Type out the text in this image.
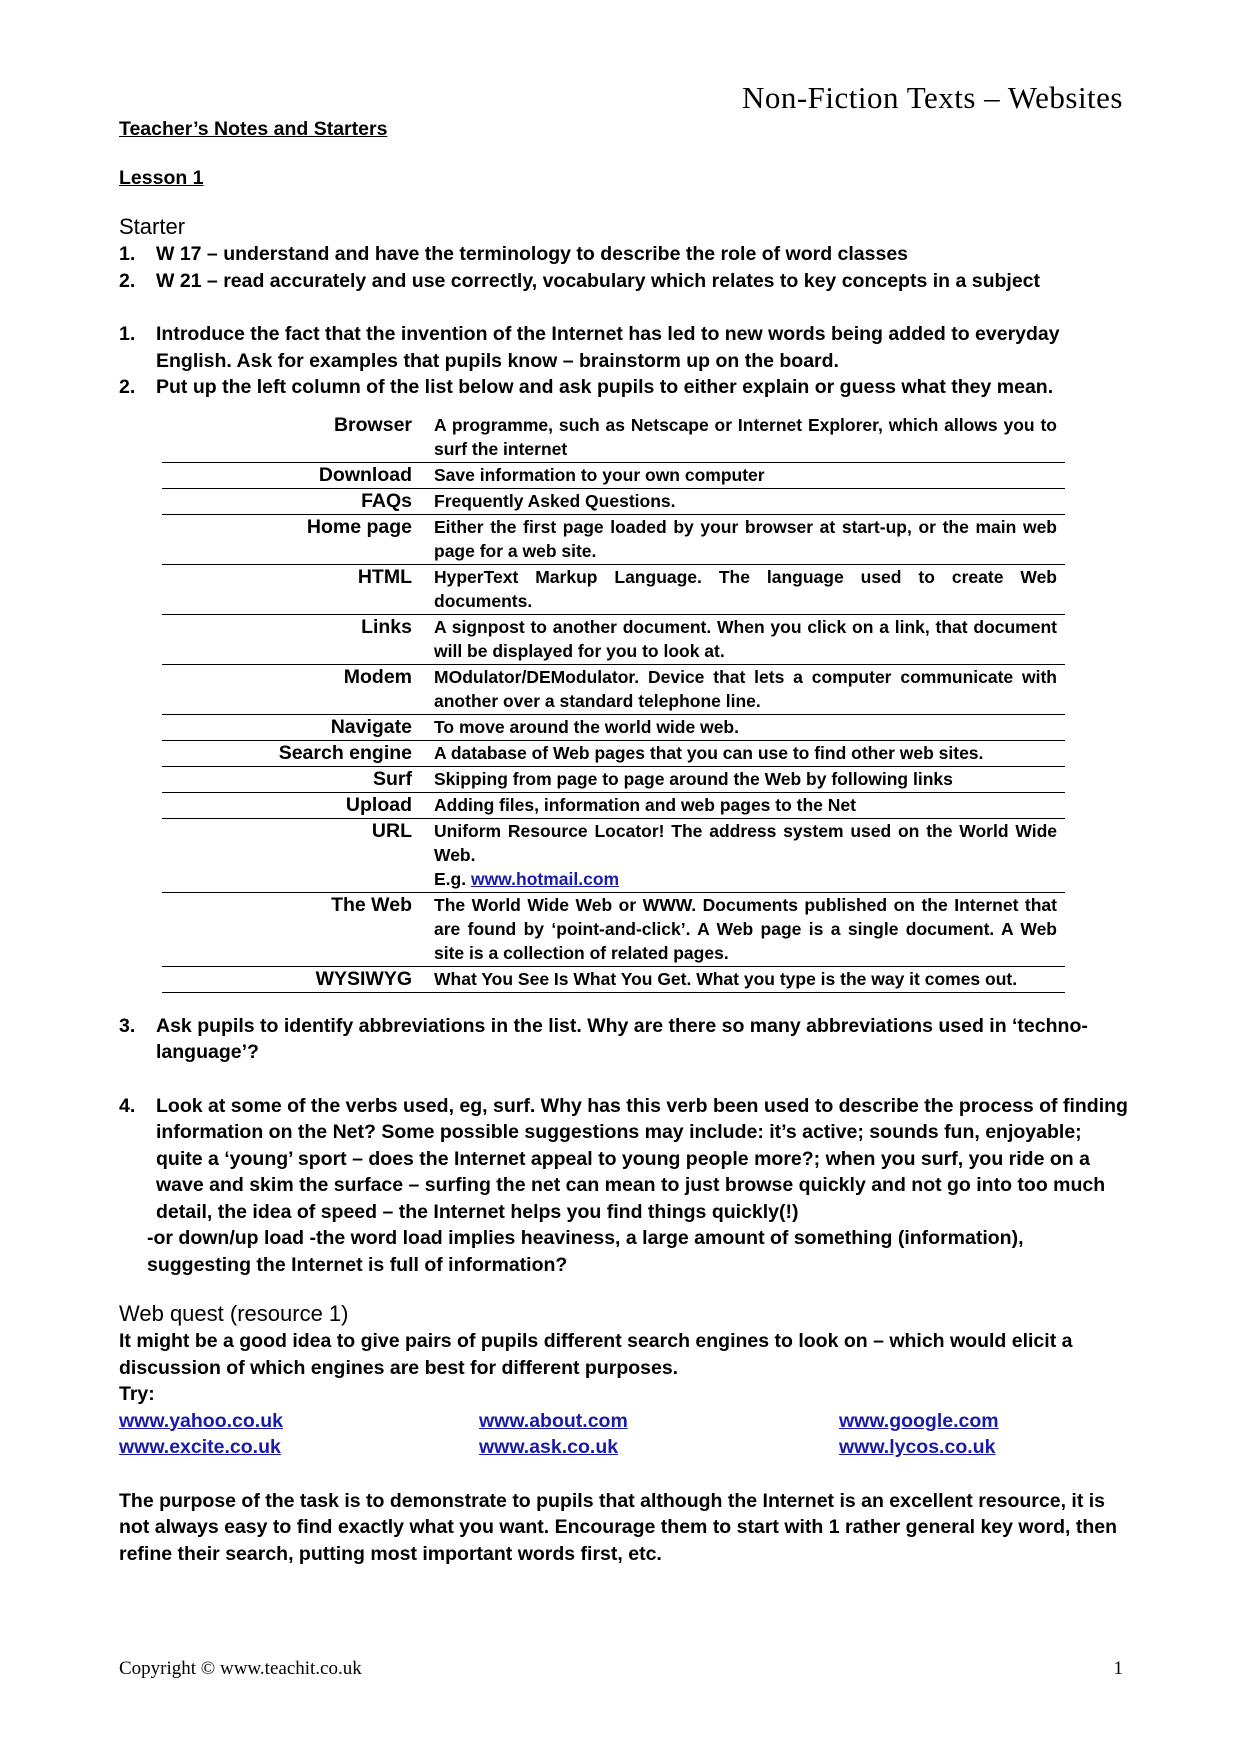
Non-Fiction Texts – Websites

Teacher’s Notes and Starters

Lesson 1

Starter

1. W 17 – understand and have the terminology to describe the role of word classes
2. W 21 – read accurately and use correctly, vocabulary which relates to key concepts in a subject
1. Introduce the fact that the invention of the Internet has led to new words being added to everyday English. Ask for examples that pupils know – brainstorm up on the board.
2. Put up the left column of the list below and ask pupils to either explain or guess what they mean.
Browser	A programme, such as Netscape or Internet Explorer, which allows you to surf the internet
Download	Save information to your own computer
FAQs	Frequently Asked Questions.
Home page	Either the first page loaded by your browser at start-up, or the main web page for a web site.
HTML	HyperText Markup Language. The language used to create Web documents.
Links	A signpost to another document. When you click on a link, that document will be displayed for you to look at.
Modem	MOdulator/DEModulator. Device that lets a computer communicate with another over a standard telephone line.
Navigate	To move around the world wide web.
Search engine	A database of Web pages that you can use to find other web sites.
Surf	Skipping from page to page around the Web by following links
Upload	Adding files, information and web pages to the Net
URL	Uniform Resource Locator! The address system used on the World Wide Web.
E.g. www.hotmail.com
The Web	The World Wide Web or WWW. Documents published on the Internet that are found by ‘point-and-click’. A Web page is a single document. A Web site is a collection of related pages.
WYSIWYG	What You See Is What You Get. What you type is the way it comes out.
3. Ask pupils to identify abbreviations in the list. Why are there so many abbreviations used in ‘techno-language’?
4. Look at some of the verbs used, eg, surf. Why has this verb been used to describe the process of finding information on the Net? Some possible suggestions may include: it’s active; sounds fun, enjoyable; quite a ‘young’ sport – does the Internet appeal to young people more?; when you surf, you ride on a wave and skim the surface – surfing the net can mean to just browse quickly and not go into too much detail, the idea of speed – the Internet helps you find things quickly(!)
-or down/up load -the word load implies heaviness, a large amount of something (information),
suggesting the Internet is full of information?

Web quest (resource 1)

It might be a good idea to give pairs of pupils different search engines to look on – which would elicit a discussion of which engines are best for different purposes.

Try:

www.yahoo.co.uk	www.about.com	www.google.com
www.excite.co.uk	www.ask.co.uk	www.lycos.co.uk

The purpose of the task is to demonstrate to pupils that although the Internet is an excellent resource, it is not always easy to find exactly what you want. Encourage them to start with 1 rather general key word, then refine their search, putting most important words first, etc.

Copyright © www.teachit.co.uk	1
